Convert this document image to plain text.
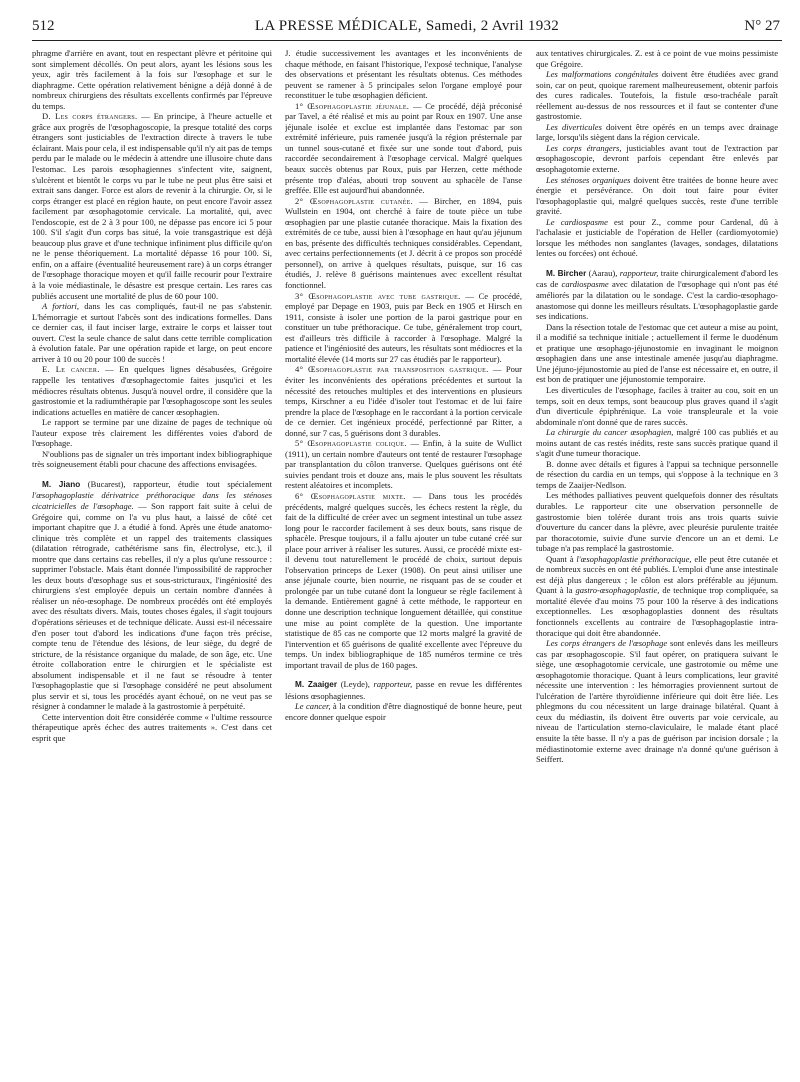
512	LA PRESSE MÉDICALE, Samedi, 2 Avril 1932	N° 27

phragme d'arrière en avant, tout en respectant plèvre et péritoine qui sont simplement décollés. On peut alors, ayant les lésions sous les yeux, agir très facilement à la fois sur l'œsophage et sur le diaphragme. Cette opération relativement bénigne a déjà donné à de nombreux chirurgiens des résultats excellents confirmés par l'épreuve du temps.

D. Les corps étrangers. — En principe, à l'heure actuelle et grâce aux progrès de l'œsophagoscopie, la presque totalité des corps étrangers sont justiciables de l'extraction directe à travers le tube éclairant. Mais pour cela, il est indispensable qu'il n'y ait pas de temps perdu par le malade ou le médecin à attendre une illusoire chute dans l'estomac. Les parois œsophagiennes s'infectent vite, saignent, s'ulcèrent et bientôt le corps vu par le tube ne peut plus être saisi et extrait sans danger. Force est alors de revenir à la chirurgie. Or, si le corps étranger est placé en région haute, on peut encore l'avoir assez facilement par œsophagotomie cervicale. La mortalité, qui, avec l'endoscopie, est de 2 à 3 pour 100, ne dépasse pas encore ici 5 pour 100. S'il s'agit d'un corps bas situé, la voie transgastrique est déjà beaucoup plus grave et d'une technique infiniment plus difficile qu'on ne le pense théoriquement. La mortalité dépasse 16 pour 100. Si, enfin, on a affaire (éventualité heureusement rare) à un corps étranger de l'œsophage thoracique moyen et qu'il faille recourir pour l'extraire à la voie médiastinale, le désastre est presque certain. Les rares cas publiés accusent une mortalité de plus de 60 pour 100.

A fortiori, dans les cas compliqués, faut-il ne pas s'abstenir. L'hémorragie et surtout l'abcès sont des indications formelles. Dans ce dernier cas, il faut inciser large, extraire le corps et laisser tout ouvert. C'est la seule chance de salut dans cette terrible complication à évolution fatale. Par une opération rapide et large, on peut encore arriver à 10 ou 20 pour 100 de succès !

E. Le cancer. — En quelques lignes désabusées, Grégoire rappelle les tentatives d'œsophagectomie faites jusqu'ici et les médiocres résultats obtenus. Jusqu'à nouvel ordre, il considère que la gastrostomie et la radiumthérapie par l'œsophagoscope sont les seules indications actuelles en matière de cancer œsophagien.

Le rapport se termine par une dizaine de pages de technique où l'auteur expose très clairement les différentes voies d'abord de l'œsophage.

N'oublions pas de signaler un très important index bibliographique très soigneusement établi pour chacune des affections envisagées.

M. Jiano (Bucarest), rapporteur, étudie tout spécialement l'œsophagoplastie dérivatrice préthoracique dans les sténoses cicatricielles de l'œsophage. — Son rapport fait suite à celui de Grégoire qui, comme on l'a vu plus haut, a laissé de côté cet important chapitre que J. a étudié à fond. Après une étude anatomo-clinique très complète et un rappel des traitements classiques (dilatation rétrograde, cathétérisme sans fin, électrolyse, etc.), il montre que dans certains cas rebelles, il n'y a plus qu'une ressource : supprimer l'obstacle. Mais étant donnée l'impossibilité de rapprocher les deux bouts d'œsophage sus et sous-stricturaux, l'ingéniosité des chirurgiens s'est employée depuis un certain nombre d'années à réaliser un néo-œsophage. De nombreux procédés ont été employés avec des résultats divers. Mais, toutes choses égales, il s'agit toujours d'opérations sérieuses et de technique délicate. Aussi est-il nécessaire d'en poser tout d'abord les indications d'une façon très précise, compte tenu de l'étendue des lésions, de leur siège, du degré de stricture, de la résistance organique du malade, de son âge, etc. Une étroite collaboration entre le chirurgien et le spécialiste est absolument indispensable et il ne faut se résoudre à tenter l'œsophagoplastie que si l'œsophage considéré ne peut absolument plus servir et si, tous les procédés ayant échoué, on ne veut pas se résigner à condamner le malade à la gastrostomie à perpétuité.

Cette intervention doit être considérée comme « l'ultime ressource thérapeutique après échec des autres traitements ». C'est dans cet esprit que

J. étudie successivement les avantages et les inconvénients de chaque méthode, en faisant l'historique, l'exposé technique, l'analyse des observations et présentant les résultats obtenus. Ces méthodes peuvent se ramener à 5 principales selon l'organe employé pour reconstituer le tube œsophagien déficient.

1° Œsophagoplastie jéjunale. — Ce procédé, déjà préconisé par Tavel, a été réalisé et mis au point par Roux en 1907. Une anse jéjunale isolée et exclue est implantée dans l'estomac par son extrémité inférieure, puis ramenée jusqu'à la région présternale par un tunnel sous-cutané et fixée sur une sonde tout d'abord, puis raccordée secondairement à l'œsophage cervical. Malgré quelques beaux succès obtenus par Roux, puis par Herzen, cette méthode présente trop d'aléas, abouti trop souvent au sphacèle de l'anse greffée. Elle est aujourd'hui abandonnée.

2° Œsophagoplastie cutanée. — Bircher, en 1894, puis Wullstein en 1904, ont cherché à faire de toute pièce un tube œsophagien par une plastie cutanée thoracique. Mais la fixation des extrémités de ce tube, aussi bien à l'œsophage en haut qu'au jéjunum en bas, présente des difficultés techniques considérables. Cependant, avec certains perfectionnements (et J. décrit à ce propos son procédé personnel), on arrive à quelques résultats, puisque, sur 16 cas étudiés, J. relève 8 guérisons maintenues avec excellent résultat fonctionnel.

3° Œsophagoplastie avec tube gastrique. — Ce procédé, employé par Depage en 1903, puis par Beck en 1905 et Hirsch en 1911, consiste à isoler une portion de la paroi gastrique pour en constituer un tube préthoracique. Ce tube, généralement trop court, est d'ailleurs très difficile à raccorder à l'œsophage. Malgré la patience et l'ingéniosité des auteurs, les résultats sont médiocres et la mortalité élevée (14 morts sur 27 cas étudiés par le rapporteur).

4° Œsophagoplastie par transposition gastrique. — Pour éviter les inconvénients des opérations précédentes et surtout la nécessité des retouches multiples et des interventions en plusieurs temps, Kirschner a eu l'idée d'isoler tout l'estomac et de lui faire prendre la place de l'œsophage en le raccordant à la portion cervicale de ce dernier. Cet ingénieux procédé, perfectionné par Ritter, a donné, sur 7 cas, 5 guérisons dont 3 durables.

5° Œsophagoplastie colique. — Enfin, à la suite de Wullict (1911), un certain nombre d'auteurs ont tenté de restaurer l'œsophage par transplantation du côlon tranverse. Quelques guérisons ont été suivies pendant trois et douze ans, mais le plus souvent les résultats restent aléatoires et incomplets.

6° Œsophagoplastie mixte. — Dans tous les procédés précédents, malgré quelques succès, les échecs restent la règle, du fait de la difficulté de créer avec un segment intestinal un tube assez long pour le raccorder facilement à ses deux bouts, sans risque de sphacèle. Presque toujours, il a fallu ajouter un tube cutané créé sur place pour arriver à réaliser les sutures. Aussi, ce procédé mixte est-il devenu tout naturellement le procédé de choix, surtout depuis l'observation princeps de Lexer (1908). On peut ainsi utiliser une anse jéjunale courte, bien nourrie, ne risquant pas de se couder et prolongée par un tube cutané dont la longueur se règle facilement à la demande. Entièrement gagné à cette méthode, le rapporteur en donne une description technique longuement détaillée, qui constitue une mise au point complète de la question. Une importante statistique de 85 cas ne comporte que 12 morts malgré la gravité de l'intervention et 65 guérisons de qualité excellente avec l'épreuve du temps. Un index bibliographique de 185 numéros termine ce très important travail de plus de 160 pages.

M. Zaaiger (Leyde), rapporteur, passe en revue les différentes lésions œsophagiennes.

Le cancer, à la condition d'être diagnostiqué de bonne heure, peut encore donner quelque espoir

aux tentatives chirurgicales. Z. est à ce point de vue moins pessimiste que Grégoire.

Les malformations congénitales doivent être étudiées avec grand soin, car on peut, quoique rarement malheureusement, obtenir parfois des cures radicales. Toutefois, la fistule œso-trachéale paraît réellement au-dessus de nos ressources et il faut se contenter d'une gastrostomie.

Les diverticules doivent être opérés en un temps avec drainage large, lorsqu'ils siègent dans la région cervicale.

Les corps étrangers, justiciables avant tout de l'extraction par œsophagoscopie, devront parfois cependant être enlevés par œsophagotomie externe.

Les sténoses organiques doivent être traitées de bonne heure avec énergie et persévérance. On doit tout faire pour éviter l'œsophagoplastie qui, malgré quelques succès, reste d'une terrible gravité.

Le cardiospasme est pour Z., comme pour Cardenal, dû à l'achalasie et justiciable de l'opération de Heller (cardiomyotomie) lorsque les méthodes non sanglantes (lavages, sondages, dilatations lentes ou forcées) ont échoué.

M. Bircher (Aarau), rapporteur, traite chirurgicalement d'abord les cas de cardiospasme avec dilatation de l'œsophage qui n'ont pas été améliorés par la dilatation ou le sondage. C'est la cardio-œsophago-anastomose qui donne les meilleurs résultats. L'œsophagoplastie garde ses indications.

Dans la résection totale de l'estomac que cet auteur a mise au point, il a modifié sa technique initiale ; actuellement il ferme le duodénum et pratique une œsophago-jéjunostomie en invaginant le moignon œsophagien dans une anse intestinale amenée jusqu'au diaphragme. Une jéjuno-jéjunostomie au pied de l'anse est nécessaire et, en outre, il est bon de pratiquer une jéjunostomie temporaire.

Les diverticules de l'œsophage, faciles à traiter au cou, soit en un temps, soit en deux temps, sont beaucoup plus graves quand il s'agit d'un diverticule épiphrénique. La voie transpleurale et la voie abdominale n'ont donné que de rares succès.

La chirurgie du cancer œsophagien, malgré 100 cas publiés et au moins autant de cas restés inédits, reste sans succès pratique quand il s'agit d'une tumeur thoracique.

B. donne avec détails et figures à l'appui sa technique personnelle de résection du cardia en un temps, qui s'oppose à la technique en 3 temps de Zaaijer-Nedlson.

Les méthodes palliatives peuvent quelquefois donner des résultats durables. Le rapporteur cite une observation personnelle de gastrostomie bien tolérée durant trois ans trois quarts suivie d'ouverture du cancer dans la plèvre, avec pleurésie purulente traitée par thoracotomie, suivie d'une survie d'encore un an et demi. Le tubage n'a pas remplacé la gastrostomie.

Quant à l'œsophagoplastie préthoracique, elle peut être cutanée et de nombreux succès en ont été publiés. L'emploi d'une anse intestinale est déjà plus dangereux ; le côlon est alors préférable au jéjunum. Quant à la gastro-œsophagoplastie, de technique trop compliquée, sa mortalité élevée d'au moins 75 pour 100 la réserve à des indications exceptionnelles. Les œsophagoplasties donnent des résultats fonctionnels excellents au contraire de l'œsophagoplastie intra-thoracique qui doit être abandonnée.

Les corps étrangers de l'œsophage sont enlevés dans les meilleurs cas par œsophagoscopie. S'il faut opérer, on pratiquera suivant le siège, une œsophagotomie cervicale, une gastrotomie ou même une œsophagotomie thoracique. Quant à leurs complications, leur gravité nécessite une intervention : les hémorragies proviennent surtout de l'ulcération de l'artère thyroïdienne inférieure qui doit être liée. Les phlegmons du cou nécessitent un large drainage bilatéral. Quant à ceux du médiastin, ils doivent être ouverts par voie cervicale, au niveau de l'articulation sterno-claviculaire, le malade étant placé ensuite la tête basse. Il n'y a pas de guérison par incision dorsale ; la médiastinotomie externe avec drainage n'a donné qu'une guérison à Seiffert.
